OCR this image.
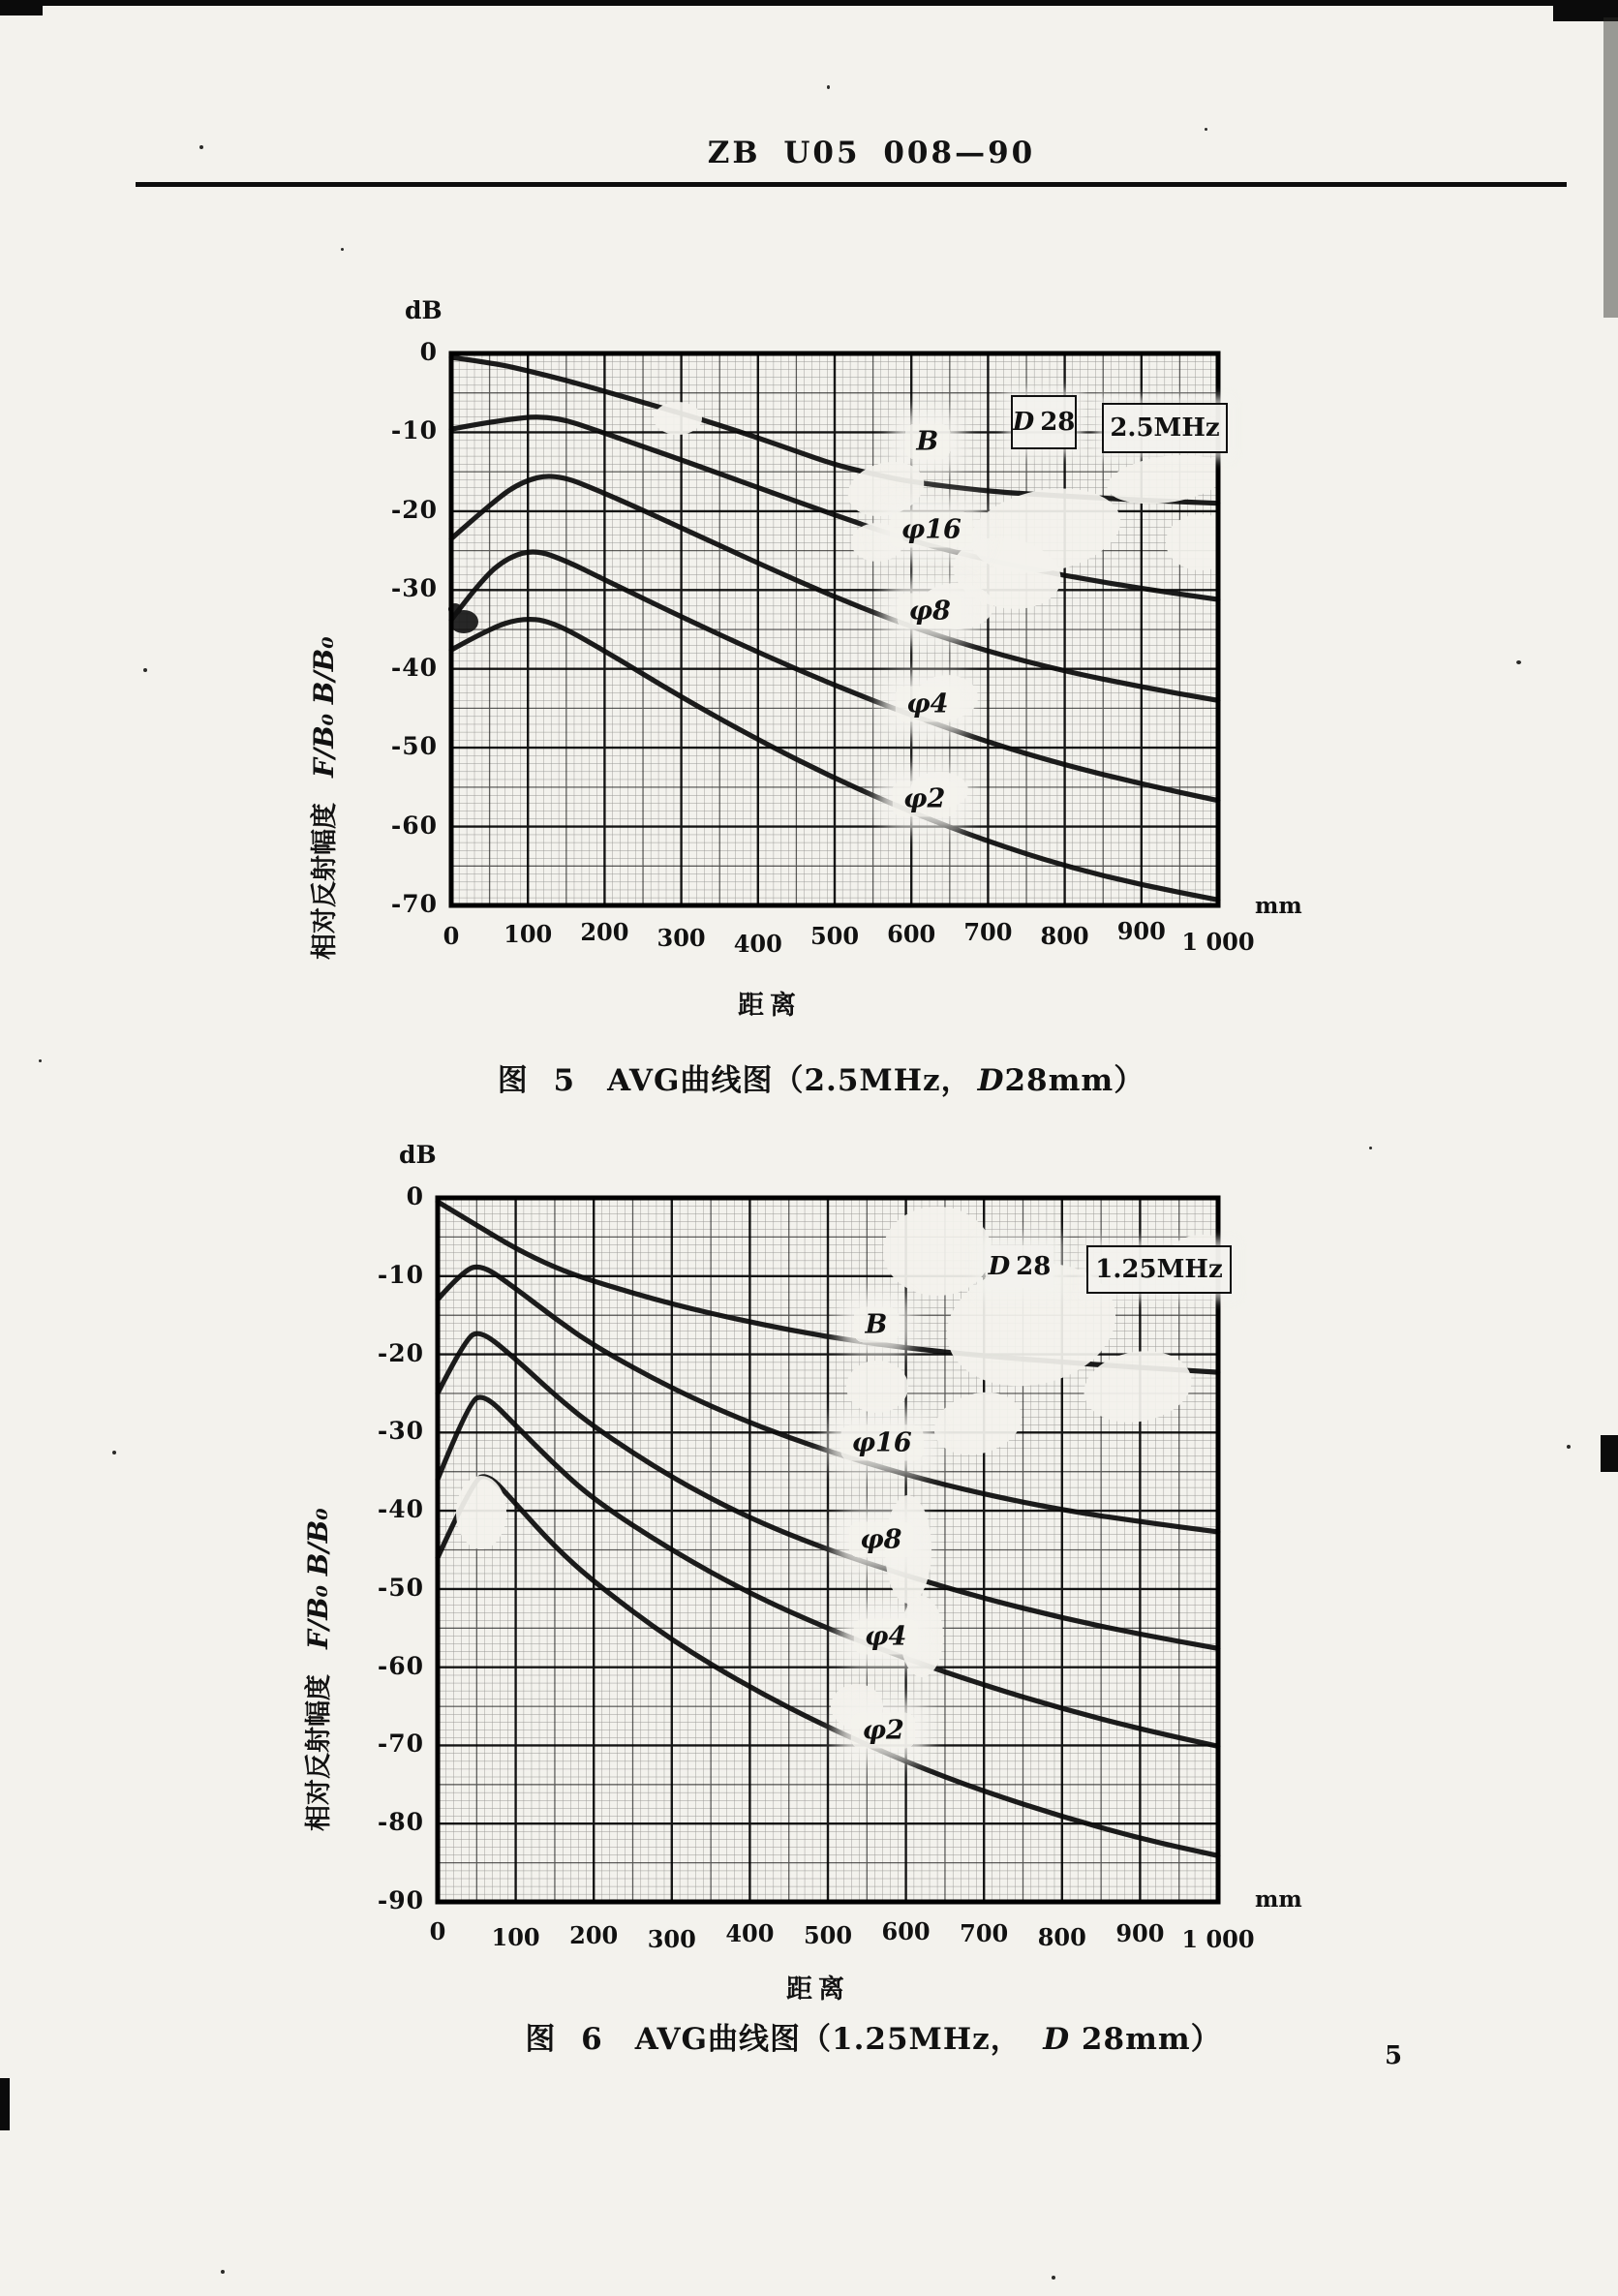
ZB U05 008—90
dB
相对反射幅度F/B₀ B/B₀
mm
距离
D 28	2.5MHz
图 5 AVG曲线图（2.5MHz， D28mm）
dB
相对反射幅度F/B₀ B/B₀
mm
距离
D 28	1.25MHz
图 6 AVG曲线图（1.25MHz，　D 28mm）	5
0
-10
-20
-30
-40
-50
-60
-70
0	100	200	300	400	500	600	700	800	900 1 000
B
φ16
φ8
φ4
φ2
0
-10
-20
-30
-40
-50
-60
-70
-80
-90
0	100	200	300	400	500	600	700	800	900 1 000
B
φ16
φ8
φ4
φ2
